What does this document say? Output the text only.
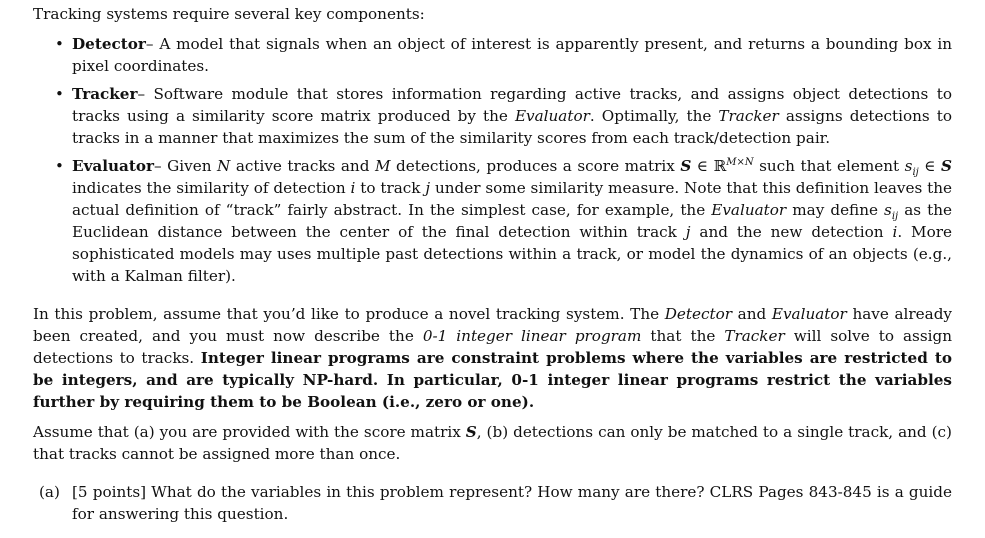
Tracking systems require several key components:

• Detector– A model that signals when an object of interest is apparently present, and returns a bounding box in pixel coordinates.
• Tracker– Software module that stores information regarding active tracks, and assigns object detections to tracks using a similarity score matrix produced by the Evaluator. Optimally, the Tracker assigns detections to tracks in a manner that maximizes the sum of the similarity scores from each track/detection pair.
• Evaluator– Given N active tracks and M detections, produces a score matrix S ∈ ℝ$^{M\times N}$ such that element $s_{ij}$ ∈ S indicates the similarity of detection i to track j under some similarity measure. Note that this definition leaves the actual definition of “track” fairly abstract. In the simplest case, for example, the Evaluator may define $s_{ij}$ as the Euclidean distance between the center of the final detection within track j and the new detection i. More sophisticated models may uses multiple past detections within a track, or model the dynamics of an objects (e.g., with a Kalman filter).

In this problem, assume that you’d like to produce a novel tracking system. The Detector and Evaluator have already been created, and you must now describe the 0-1 integer linear program that the Tracker will solve to assign detections to tracks. Integer linear programs are constraint problems where the variables are restricted to be integers, and are typically NP-hard. In particular, 0-1 integer linear programs restrict the variables further by requiring them to be Boolean (i.e., zero or one).

Assume that (a) you are provided with the score matrix S, (b) detections can only be matched to a single track, and (c) that tracks cannot be assigned more than once.

(a) [5 points] What do the variables in this problem represent? How many are there? CLRS Pages 843-845 is a guide for answering this question.
